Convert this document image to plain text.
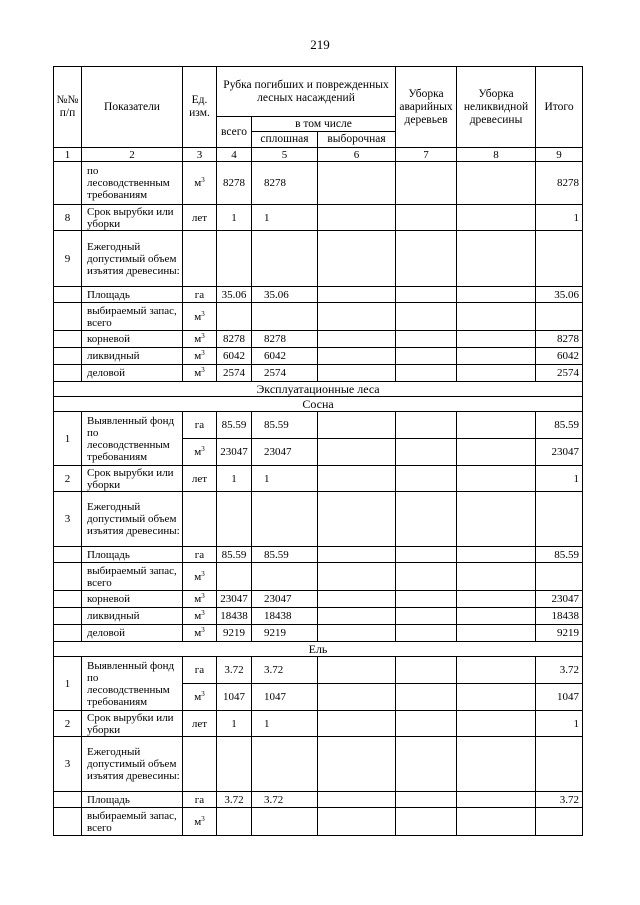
219
№№ п/п	Показатели	Ед. изм.	Рубка погибших и поврежденных лесных насаждений			Уборка аварийных деревьев	Уборка неликвидной древесины	Итого
			всего	в том числе				
				сплошная	выборочная			
1	2	3	4	5	6	7	8	9
	по лесоводственным требованиям	$м^3$	8278	8278				8278
8	Срок вырубки или уборки	лет	1	1				1
9	Ежегодный допустимый объем изъятия древесины:							
	Площадь	га	35.06	35.06				35.06
	выбираемый запас, всего	$м^3$						
	корневой	$м^3$	8278	8278				8278
	ликвидный	$м^3$	6042	6042				6042
	деловой	$м^3$	2574	2574				2574
Эксплуатационные леса								
Сосна								
1	Выявленный фонд по лесоводственным требованиям	га	85.59	85.59				85.59
		$м^3$	23047	23047				23047
2	Срок вырубки или уборки	лет	1	1				1
3	Ежегодный допустимый объем изъятия древесины:							
	Площадь	га	85.59	85.59				85.59
	выбираемый запас, всего	$м^3$						
	корневой	$м^3$	23047	23047				23047
	ликвидный	$м^3$	18438	18438				18438
	деловой	$м^3$	9219	9219				9219
Ель								
1	Выявленный фонд по лесоводственным требованиям	га	3.72	3.72				3.72
		$м^3$	1047	1047				1047
2	Срок вырубки или уборки	лет	1	1				1
3	Ежегодный допустимый объем изъятия древесины:							
	Площадь	га	3.72	3.72				3.72
	выбираемый запас, всего	$м^3$						
